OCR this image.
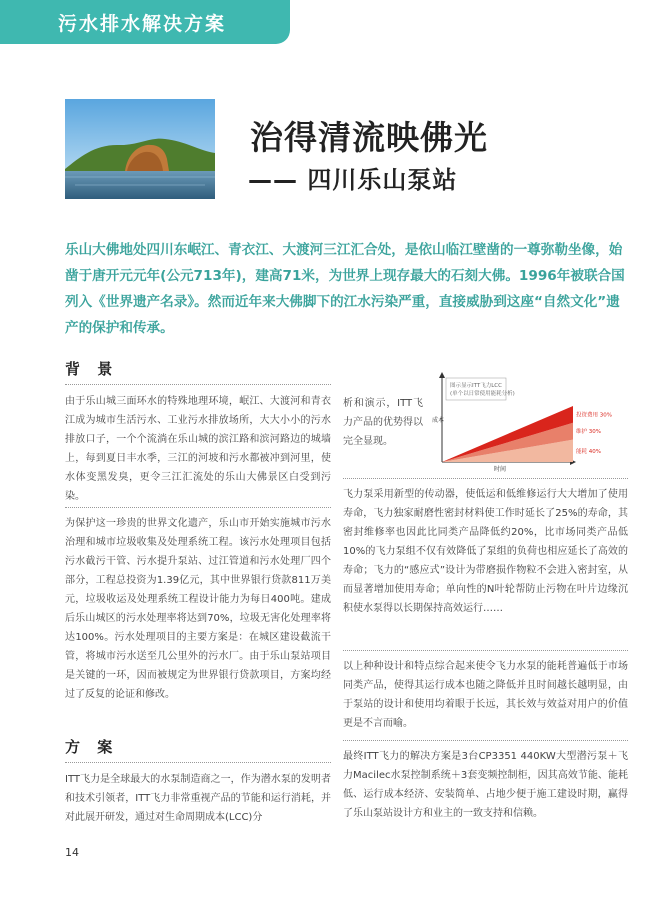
污水排水解决方案
治得清流映佛光
—— 四川乐山泵站
乐山大佛地处四川东岷江、青衣江、大渡河三江汇合处，是依山临江壁凿的一尊弥勒坐像，始凿于唐开元元年(公元713年)，建高71米，为世界上现存最大的石刻大佛。1996年被联合国列入《世界遗产名录》。然而近年来大佛脚下的江水污染严重，直接威胁到这座“自然文化”遗产的保护和传承。
背 景

由于乐山城三面环水的特殊地理环境，岷江、大渡河和青衣江成为城市生活污水、工业污水排放场所，大大小小的污水排放口子，一个个流淌在乐山城的滨江路和滨河路边的城墙上，每到夏日丰水季，三江的河坡和污水都被冲到河里，使水体变黑发臭，更令三江汇流处的乐山大佛景区白受到污染。

为保护这一珍贵的世界文化遗产，乐山市开始实施城市污水治理和城市垃圾收集及处理系统工程。该污水处理项目包括污水截污干管、污水提升泵站、过江管道和污水处理厂四个部分，工程总投资为1.39亿元，其中世界银行贷款811万美元，垃圾收运及处理系统工程设计能力为每日400吨。建成后乐山城区的污水处理率将达到70%，垃圾无害化处理率将达100%。污水处理项目的主要方案是：在城区建设截流干管，将城市污水送至几公里外的污水厂。由于乐山泵站项目是关键的一环，因而被规定为世界银行贷款项目，方案均经过了反复的论证和修改。

方 案

ITT飞力是全球最大的水泵制造商之一，作为潜水泵的发明者和技术引领者，ITT飞力非常重视产品的节能和运行消耗，并对此展开研发，通过对生命周期成本(LCC)分

析和演示，ITT飞力产品的优势得以完全显现。

图示显示ITT飞力LCC
(单个以日常使用能耗分析)
成本
时间
能耗 40%
维护 30%
投资费用 30%

飞力泵采用新型的传动器，使低运和低维修运行大大增加了使用寿命，飞力独家耐磨性密封材料使工作时延长了25%的寿命，其密封维修率也因此比同类产品降低约20%，比市场同类产品低10%的飞力泵组不仅有效降低了泵组的负荷也相应延长了高效的寿命；飞力的“感应式”设计为带磨损作物粒不会进入密封室，从而显著增加使用寿命；单向性的N叶轮帮防止污物在叶片边缘沉积使水泵得以长期保持高效运行……

以上种种设计和特点综合起来使令飞力水泵的能耗普遍低于市场同类产品，使得其运行成本也随之降低并且时间越长越明显，由于泵站的设计和使用均着眼于长远，其长效与效益对用户的价值更是不言而喻。

最终ITT飞力的解决方案是3台CP3351 440KW大型潜污泵＋飞力Macilec水泵控制系统＋3套变频控制柜，因其高效节能、能耗低、运行成本经济、安装简单、占地少便于施工建设时期，赢得了乐山泵站设计方和业主的一致支持和信赖。

14
